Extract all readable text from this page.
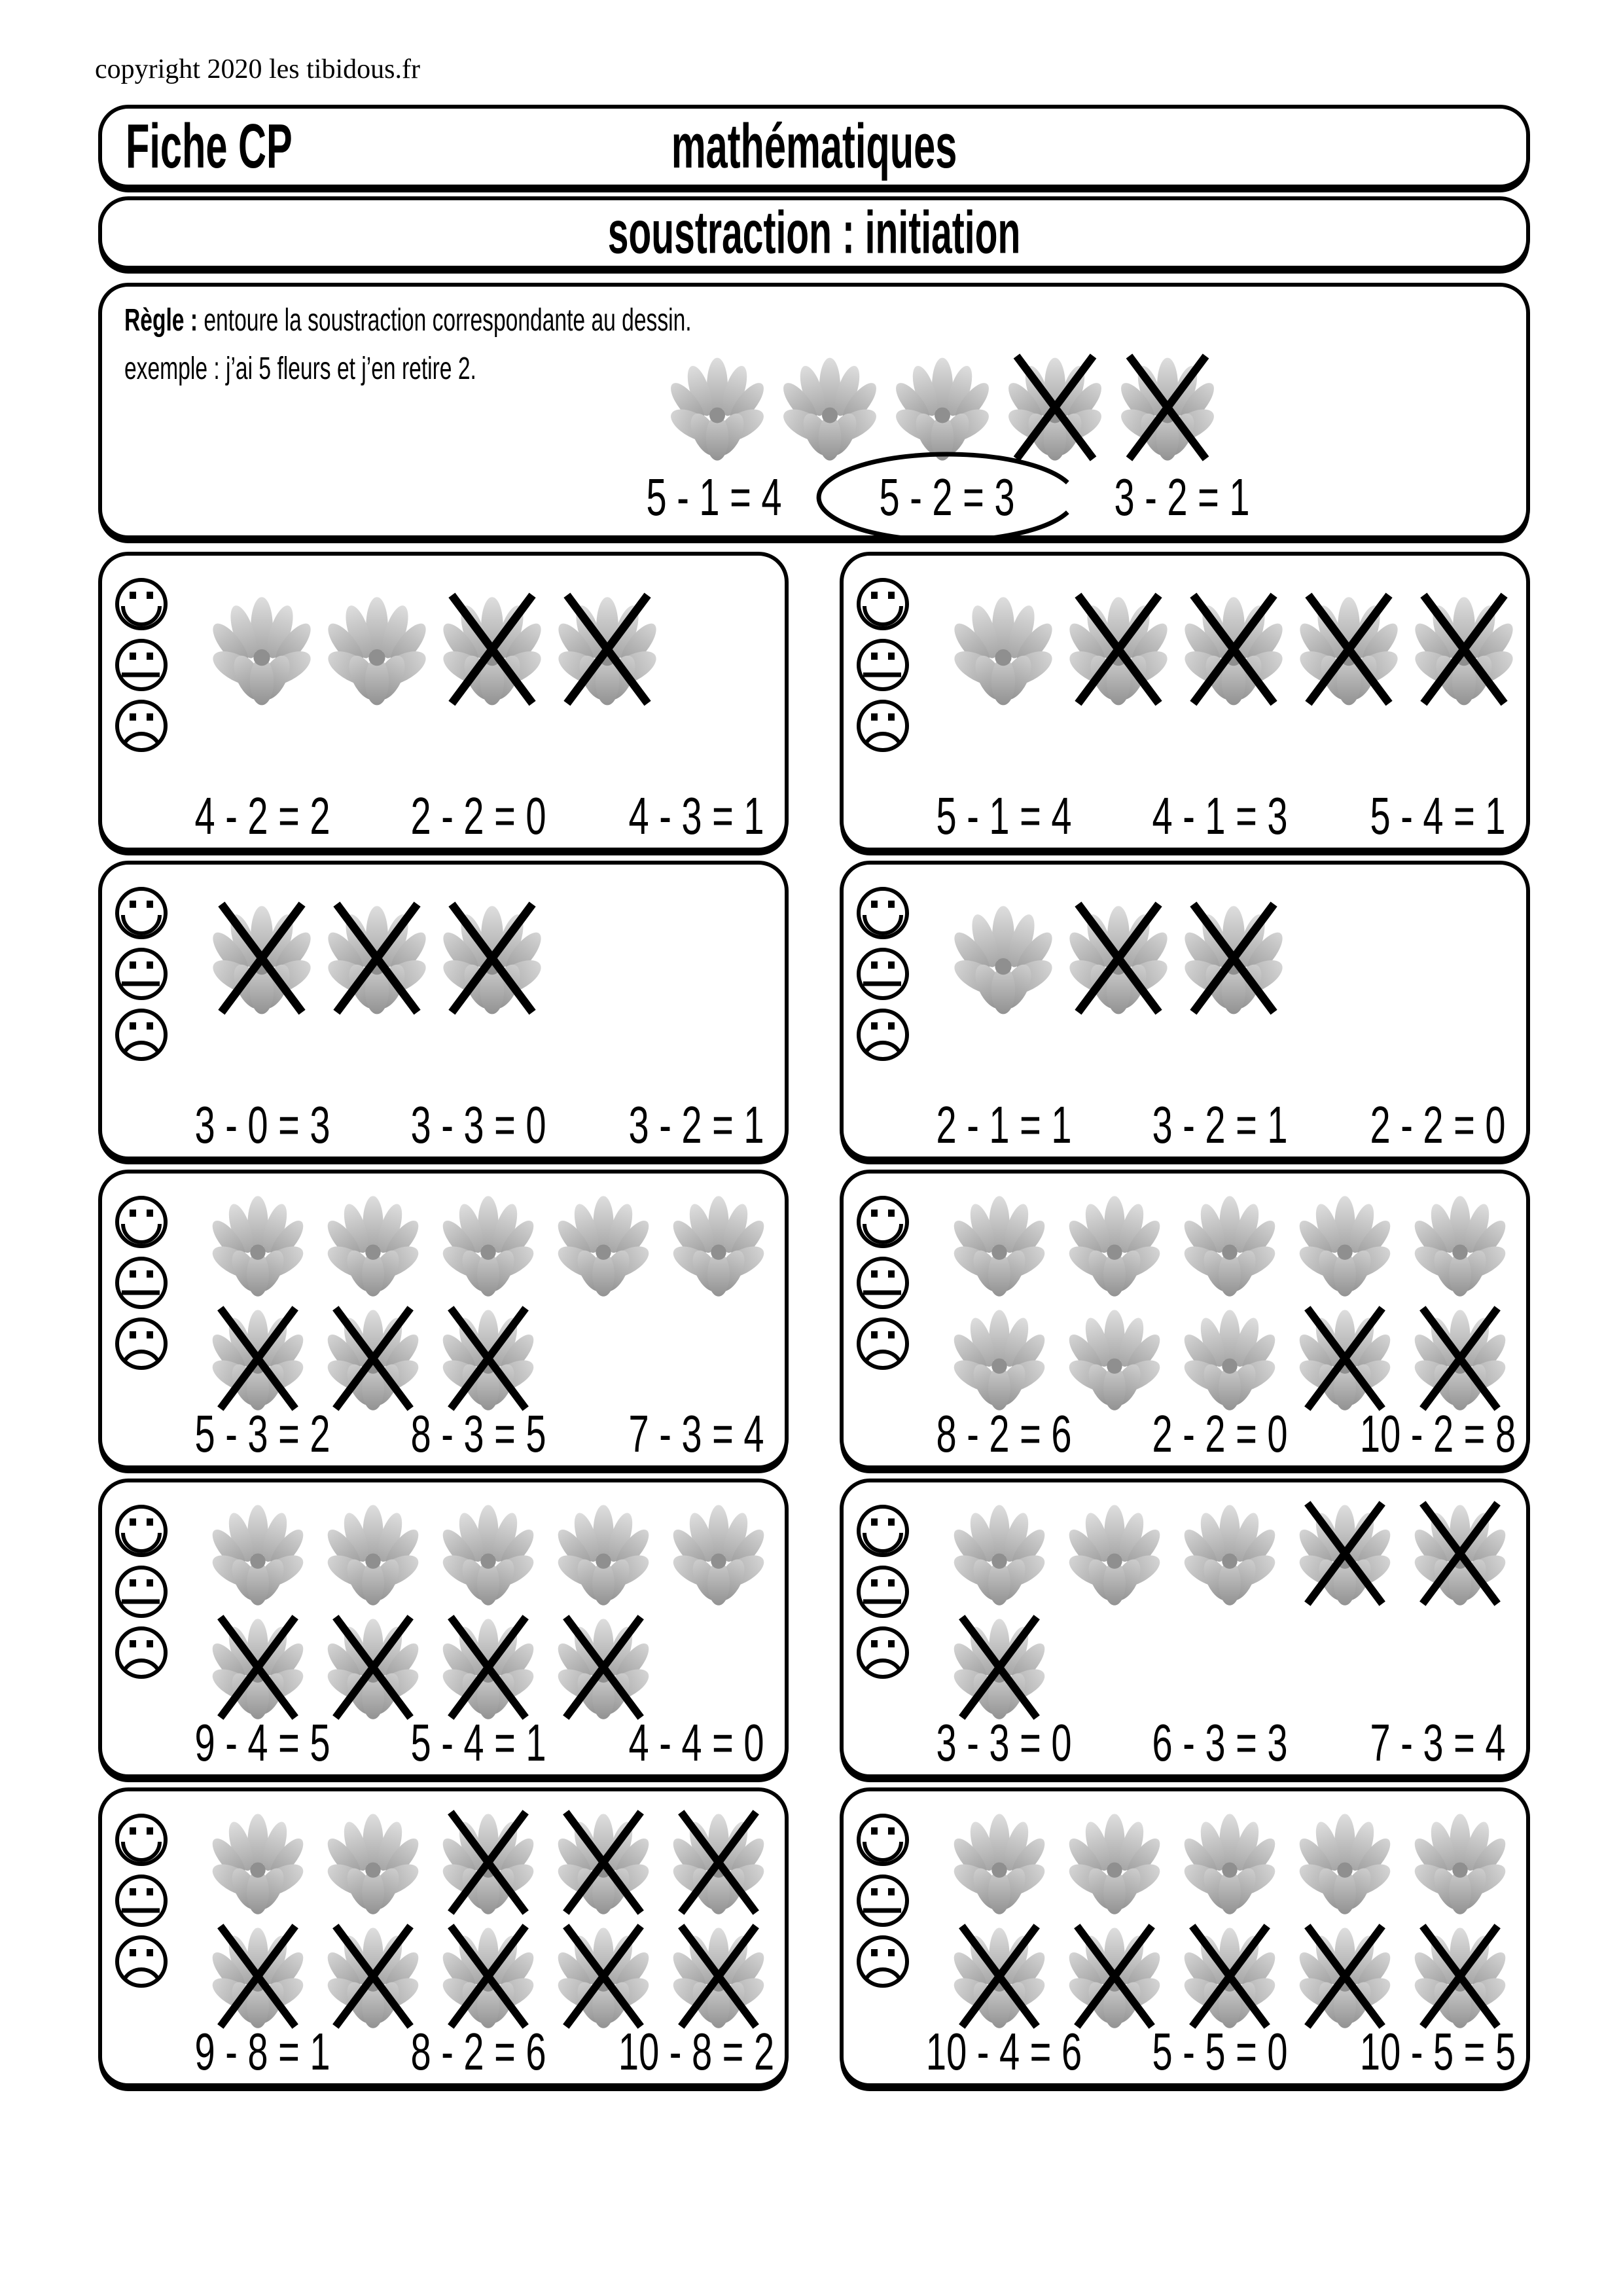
copyright 2020 les tibidous.fr
Fiche CP	mathématiques
soustraction : initiation
Règle : entoure la soustraction correspondante au dessin.
exemple : j’ai 5 fleurs et j’en retire 2.
5 - 1 = 4	5 - 2 = 3	3 - 2 = 1
4 - 2 = 2 2 - 2 = 0 4 - 3 = 1	5 - 1 = 4 4 - 1 = 3 5 - 4 = 1
3 - 0 = 3 3 - 3 = 0 3 - 2 = 1	2 - 1 = 1 3 - 2 = 1 2 - 2 = 0
5 - 3 = 2 8 - 3 = 5 7 - 3 = 4	8 - 2 = 6 2 - 2 = 0 10 - 2 = 8
9 - 4 = 5 5 - 4 = 1 4 - 4 = 0	3 - 3 = 0 6 - 3 = 3 7 - 3 = 4
9 - 8 = 1 8 - 2 = 6 10 - 8 = 2	10 - 4 = 6 5 - 5 = 0 10 - 5 = 5
